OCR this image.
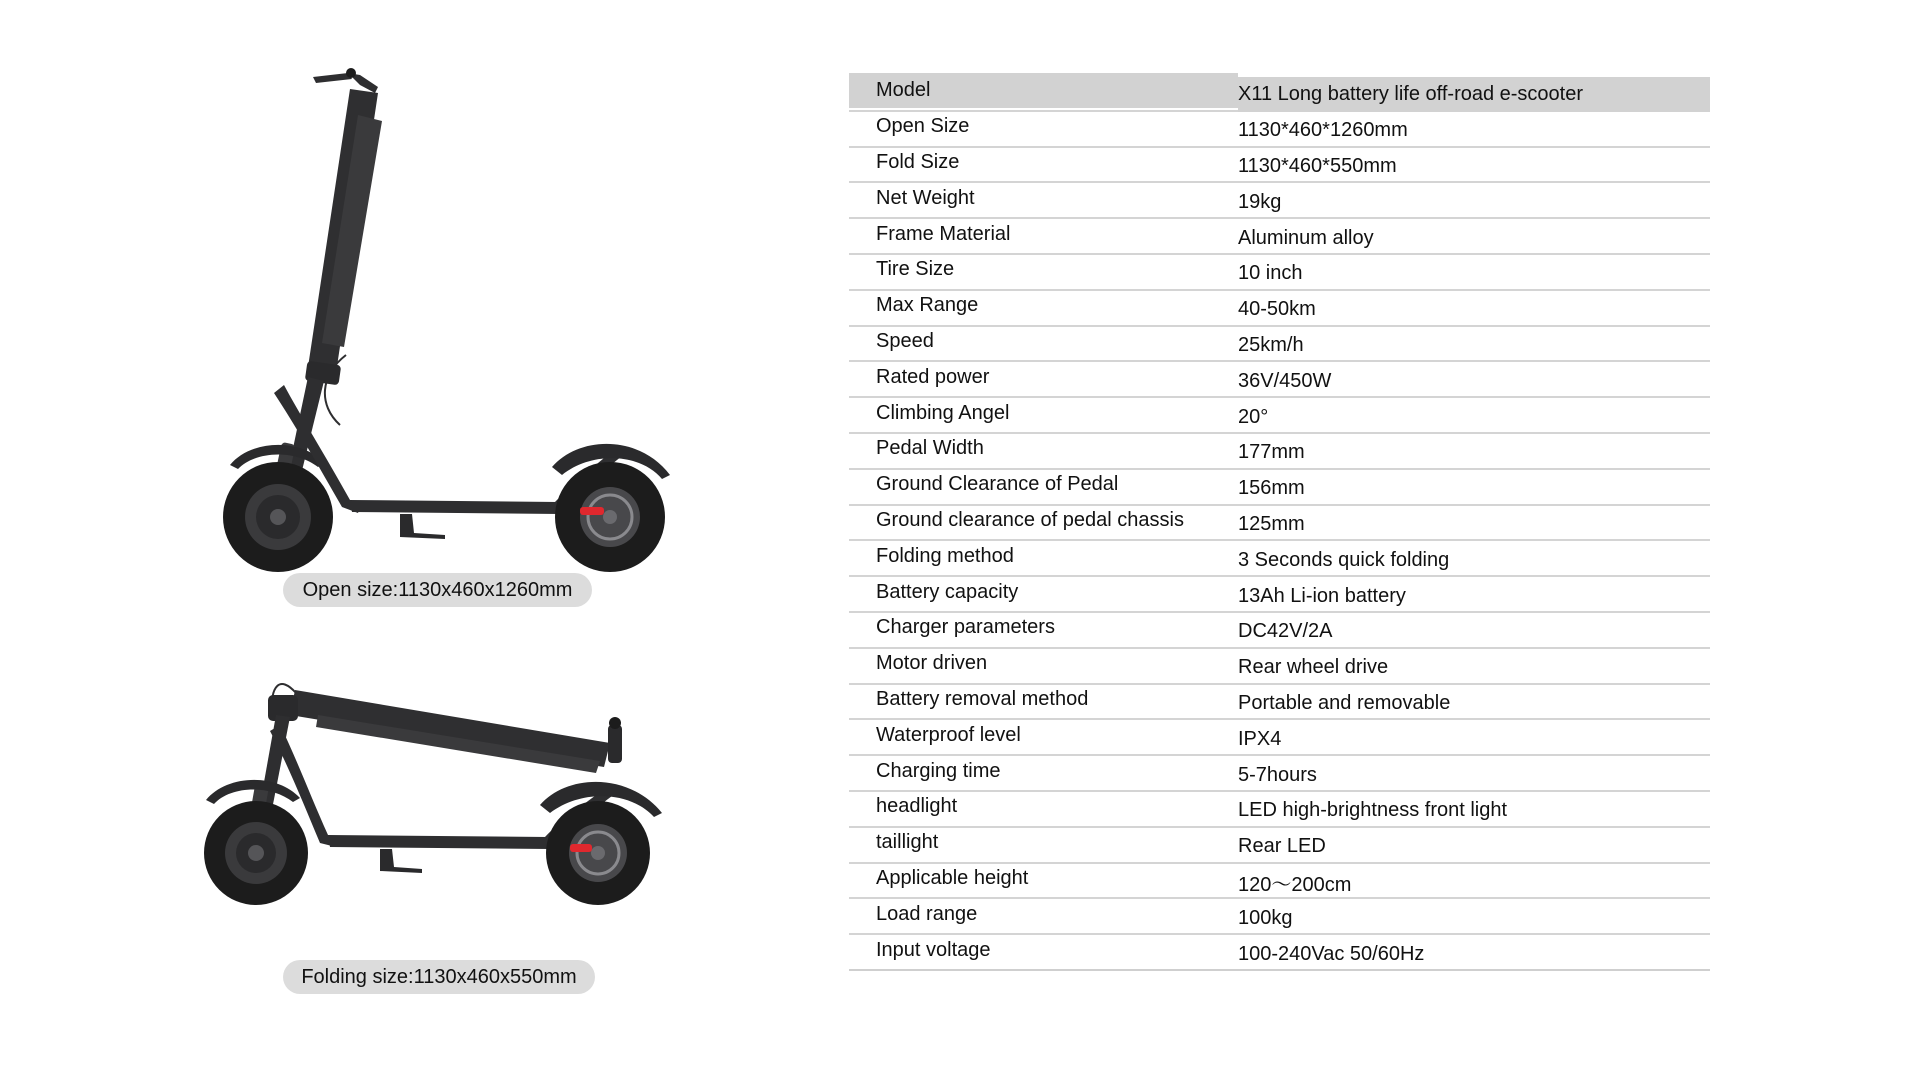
Open size:1130x460x1260mm
Folding size:1130x460x550mm
Model	X11 Long battery life off-road e-scooter
Open Size	1130*460*1260mm
Fold Size	1130*460*550mm
Net Weight	19kg
Frame Material	Aluminum alloy
Tire Size	10 inch
Max Range	40-50km
Speed	25km/h
Rated power	36V/450W
Climbing Angel	20°
Pedal Width	177mm
Ground Clearance of Pedal	156mm
Ground clearance of pedal chassis	125mm
Folding method	3 Seconds quick folding
Battery capacity	13Ah Li-ion battery
Charger parameters	DC42V/2A
Motor driven	Rear wheel drive
Battery removal method	Portable and removable
Waterproof level	IPX4
Charging time	5-7hours
headlight	LED high-brightness front light
taillight	Rear LED
Applicable height	120～200cm
Load range	100kg
Input voltage	100-240Vac 50/60Hz
